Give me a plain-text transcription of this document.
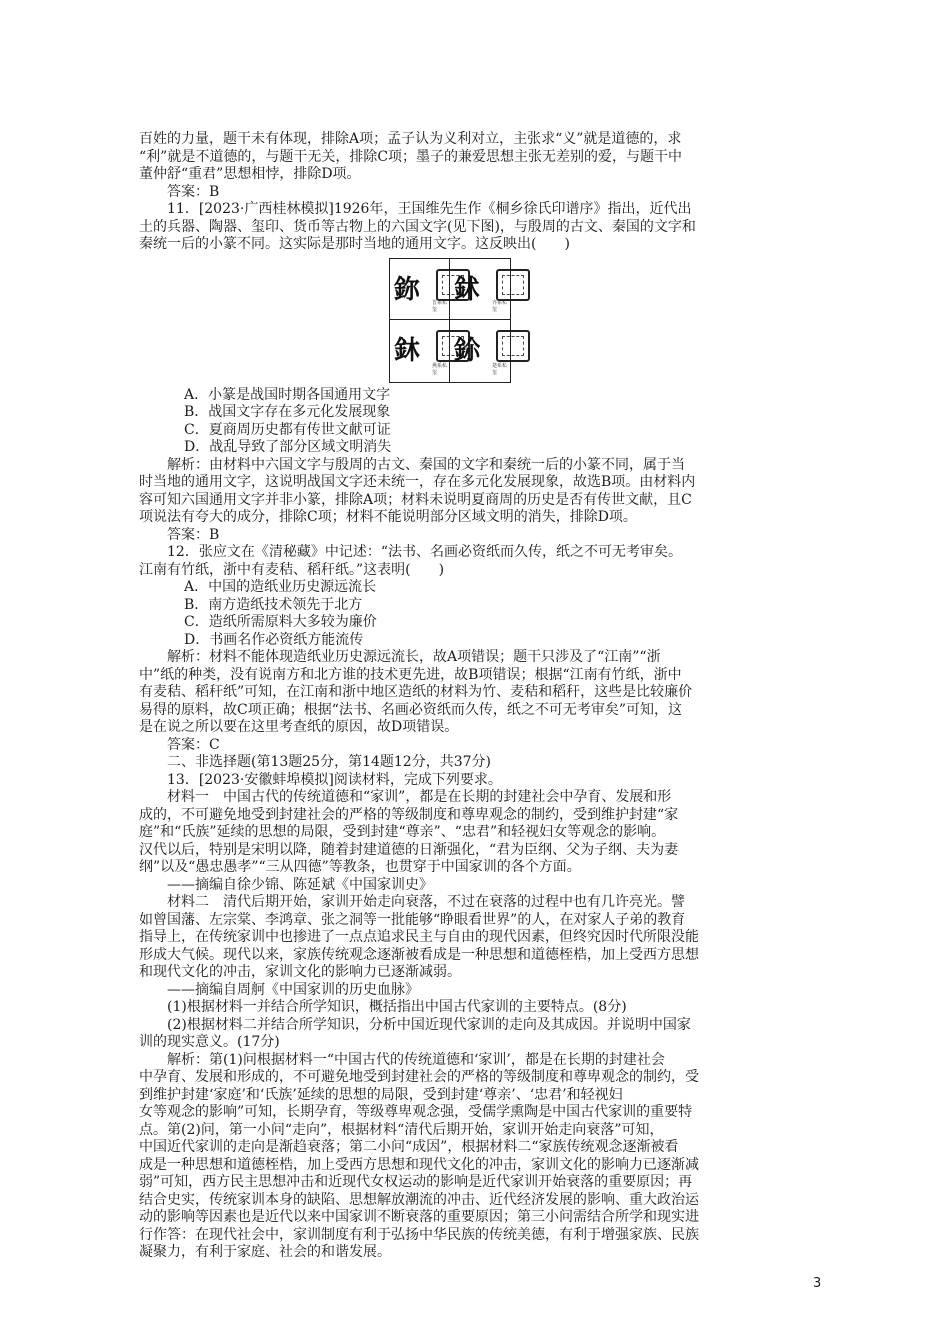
百姓的力量，题干未有体现，排除A项；孟子认为义利对立，主张求“义”就是道德的，求

“利”就是不道德的，与题干无关，排除C项；墨子的兼爱思想主张无差别的爱，与题干中

董仲舒“重君”思想相悖，排除D项。

答案：B

11．[2023·广西桂林模拟]1926年，王国维先生作《桐乡徐氏印谱序》指出，近代出

土的兵器、陶器、玺印、货币等古物上的六国文字(见下图)，与殷周的古文、秦国的文字和

秦统一后的小篆不同。这实际是那时当地的通用文字。这反映出(　　)

鉨 晋系私玺
鉥 齐系私玺
鈢 燕系私玺
鉩 楚系私玺

A．小篆是战国时期各国通用文字

B．战国文字存在多元化发展现象

C．夏商周历史都有传世文献可证

D．战乱导致了部分区域文明消失

解析：由材料中六国文字与殷周的古文、秦国的文字和秦统一后的小篆不同，属于当

时当地的通用文字，这说明战国文字还未统一，存在多元化发展现象，故选B项。由材料内

容可知六国通用文字并非小篆，排除A项；材料未说明夏商周的历史是否有传世文献，且C

项说法有夸大的成分，排除C项；材料不能说明部分区域文明的消失，排除D项。

答案：B

12．张应文在《清秘藏》中记述：“法书、名画必资纸而久传，纸之不可无考审矣。

江南有竹纸，浙中有麦秸、稻秆纸。”这表明(　　)

A．中国的造纸业历史源远流长

B．南方造纸技术领先于北方

C．造纸所需原料大多较为廉价

D．书画名作必资纸方能流传

解析：材料不能体现造纸业历史源远流长，故A项错误；题干只涉及了“江南”“浙

中”纸的种类，没有说南方和北方谁的技术更先进，故B项错误；根据“江南有竹纸，浙中

有麦秸、稻秆纸”可知，在江南和浙中地区造纸的材料为竹、麦秸和稻秆，这些是比较廉价

易得的原料，故C项正确；根据“法书、名画必资纸而久传，纸之不可无考审矣”可知，这

是在说之所以要在这里考查纸的原因，故D项错误。

答案：C

二、非选择题(第13题25分，第14题12分，共37分)

13．[2023·安徽蚌埠模拟]阅读材料，完成下列要求。

材料一　中国古代的传统道德和“家训”，都是在长期的封建社会中孕育、发展和形

成的，不可避免地受到封建社会的严格的等级制度和尊卑观念的制约，受到维护封建“家

庭”和“氏族”延续的思想的局限，受到封建“尊亲”、“忠君”和轻视妇女等观念的影响。

汉代以后，特别是宋明以降，随着封建道德的日渐强化，“君为臣纲、父为子纲、夫为妻

纲”以及“愚忠愚孝”“三从四德”等教条，也贯穿于中国家训的各个方面。

——摘编自徐少锦、陈延斌《中国家训史》

材料二　清代后期开始，家训开始走向衰落，不过在衰落的过程中也有几许亮光。譬

如曾国藩、左宗棠、李鸿章、张之洞等一批能够“睁眼看世界”的人，在对家人子弟的教育

指导上，在传统家训中也掺进了一点点追求民主与自由的现代因素，但终究因时代所限没能

形成大气候。现代以来，家族传统观念逐渐被看成是一种思想和道德桎梏，加上受西方思想

和现代文化的冲击，家训文化的影响力已逐渐减弱。

——摘编自周舸《中国家训的历史血脉》

(1)根据材料一并结合所学知识，概括指出中国古代家训的主要特点。(8分)

(2)根据材料二并结合所学知识，分析中国近现代家训的走向及其成因。并说明中国家

训的现实意义。(17分)

解析：第(1)问根据材料一“中国古代的传统道德和‘家训’，都是在长期的封建社会

中孕育、发展和形成的，不可避免地受到封建社会的严格的等级制度和尊卑观念的制约，受

到维护封建‘家庭’和‘氏族’延续的思想的局限，受到封建‘尊亲’、‘忠君’和轻视妇

女等观念的影响”可知，长期孕育，等级尊卑观念强，受儒学熏陶是中国古代家训的重要特

点。第(2)问，第一小问“走向”，根据材料“清代后期开始，家训开始走向衰落”可知，

中国近代家训的走向是渐趋衰落；第二小问“成因”，根据材料二“家族传统观念逐渐被看

成是一种思想和道德桎梏，加上受西方思想和现代文化的冲击，家训文化的影响力已逐渐减

弱”可知，西方民主思想冲击和近现代女权运动的影响是近代家训开始衰落的重要原因；再

结合史实，传统家训本身的缺陷、思想解放潮流的冲击、近代经济发展的影响、重大政治运

动的影响等因素也是近代以来中国家训不断衰落的重要原因；第三小问需结合所学和现实进

行作答：在现代社会中，家训制度有利于弘扬中华民族的传统美德，有利于增强家族、民族

凝聚力，有利于家庭、社会的和谐发展。

3
